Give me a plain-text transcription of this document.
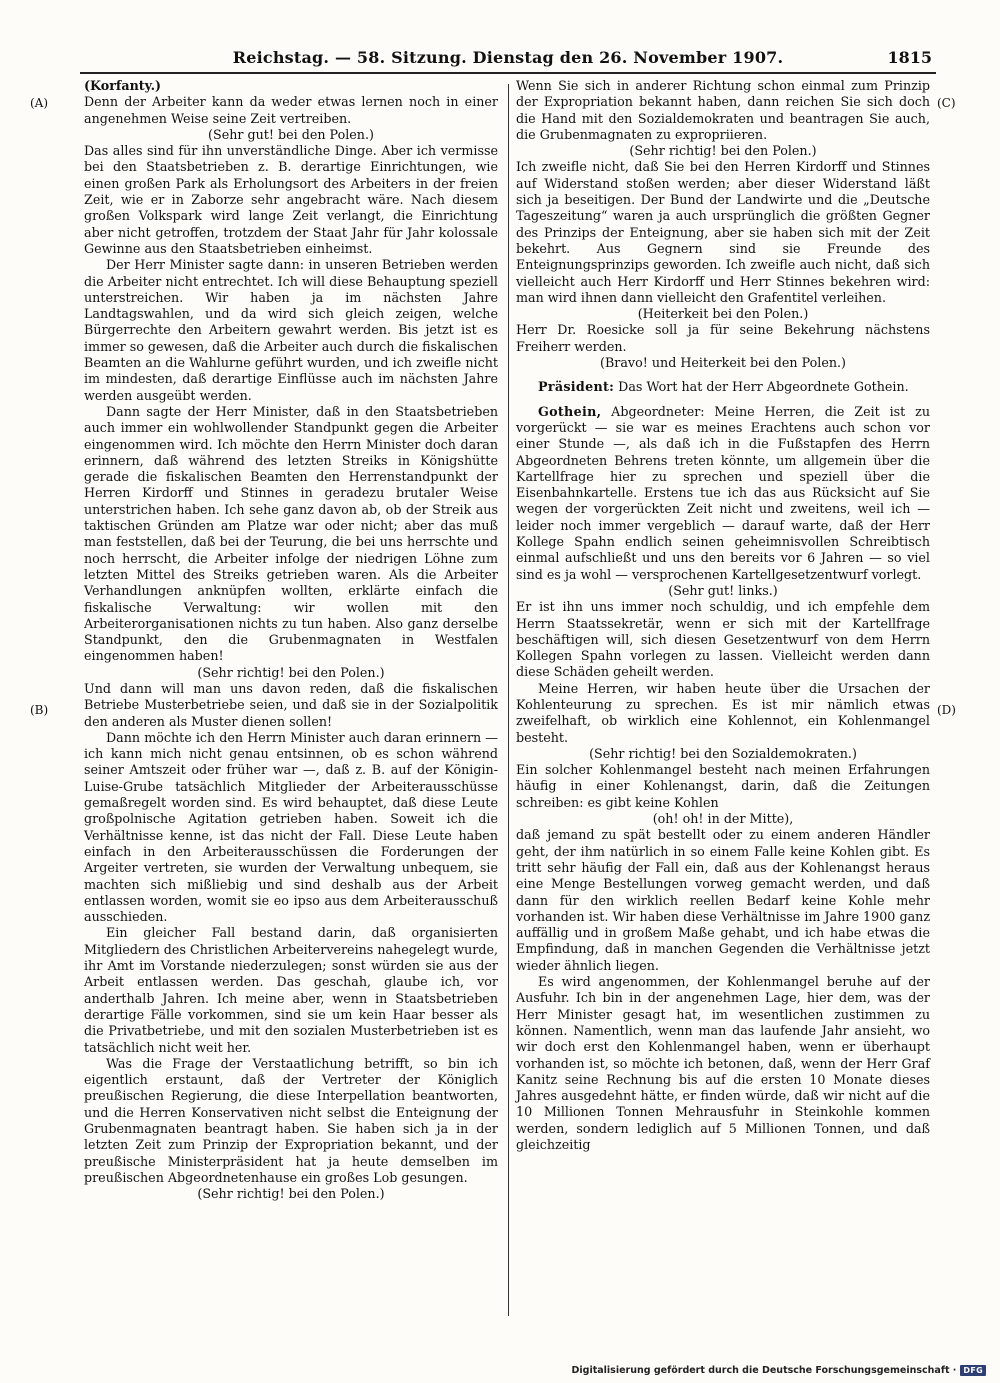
Reichstag. — 58. Sitzung. Dienstag den 26. November 1907.	1815
(A)
(B)
(C)
(D)

(Korfanty.)

Denn der Arbeiter kann da weder etwas lernen noch in einer angenehmen Weise seine Zeit vertreiben.

(Sehr gut! bei den Polen.)

Das alles sind für ihn unverständliche Dinge. Aber ich vermisse bei den Staatsbetrieben z. B. derartige Einrichtungen, wie einen großen Park als Erholungsort des Arbeiters in der freien Zeit, wie er in Zaborze sehr angebracht wäre. Nach diesem großen Volkspark wird lange Zeit verlangt, die Einrichtung aber nicht getroffen, trotzdem der Staat Jahr für Jahr kolossale Gewinne aus den Staatsbetrieben einheimst.

Der Herr Minister sagte dann: in unseren Betrieben werden die Arbeiter nicht entrechtet. Ich will diese Behauptung speziell unterstreichen. Wir haben ja im nächsten Jahre Landtagswahlen, und da wird sich gleich zeigen, welche Bürgerrechte den Arbeitern gewahrt werden. Bis jetzt ist es immer so gewesen, daß die Arbeiter auch durch die fiskalischen Beamten an die Wahlurne geführt wurden, und ich zweifle nicht im mindesten, daß derartige Einflüsse auch im nächsten Jahre werden ausgeübt werden.

Dann sagte der Herr Minister, daß in den Staatsbetrieben auch immer ein wohlwollender Standpunkt gegen die Arbeiter eingenommen wird. Ich möchte den Herrn Minister doch daran erinnern, daß während des letzten Streiks in Königshütte gerade die fiskalischen Beamten den Herrenstandpunkt der Herren Kirdorff und Stinnes in geradezu brutaler Weise unterstrichen haben. Ich sehe ganz davon ab, ob der Streik aus taktischen Gründen am Platze war oder nicht; aber das muß man feststellen, daß bei der Teurung, die bei uns herrschte und noch herrscht, die Arbeiter infolge der niedrigen Löhne zum letzten Mittel des Streiks getrieben waren. Als die Arbeiter Verhandlungen anknüpfen wollten, erklärte einfach die fiskalische Verwaltung: wir wollen mit den Arbeiterorganisationen nichts zu tun haben. Also ganz derselbe Standpunkt, den die Grubenmagnaten in Westfalen eingenommen haben!

(Sehr richtig! bei den Polen.)

Und dann will man uns davon reden, daß die fiskalischen Betriebe Musterbetriebe seien, und daß sie in der Sozialpolitik den anderen als Muster dienen sollen!

Dann möchte ich den Herrn Minister auch daran erinnern — ich kann mich nicht genau entsinnen, ob es schon während seiner Amtszeit oder früher war —, daß z. B. auf der Königin-Luise-Grube tatsächlich Mitglieder der Arbeiterausschüsse gemaßregelt worden sind. Es wird behauptet, daß diese Leute großpolnische Agitation getrieben haben. Soweit ich die Verhältnisse kenne, ist das nicht der Fall. Diese Leute haben einfach in den Arbeiterausschüssen die Forderungen der Argeiter vertreten, sie wurden der Verwaltung unbequem, sie machten sich mißliebig und sind deshalb aus der Arbeit entlassen worden, womit sie eo ipso aus dem Arbeiterausschuß ausschieden.

Ein gleicher Fall bestand darin, daß organisierten Mitgliedern des Christlichen Arbeitervereins nahegelegt wurde, ihr Amt im Vorstande niederzulegen; sonst würden sie aus der Arbeit entlassen werden. Das geschah, glaube ich, vor anderthalb Jahren. Ich meine aber, wenn in Staatsbetrieben derartige Fälle vorkommen, sind sie um kein Haar besser als die Privatbetriebe, und mit den sozialen Musterbetrieben ist es tatsächlich nicht weit her.

Was die Frage der Verstaatlichung betrifft, so bin ich eigentlich erstaunt, daß der Vertreter der Königlich preußischen Regierung, die diese Interpellation beantworten, und die Herren Konservativen nicht selbst die Enteignung der Grubenmagnaten beantragt haben. Sie haben sich ja in der letzten Zeit zum Prinzip der Expropriation bekannt, und der preußische Ministerpräsident hat ja heute demselben im preußischen Abgeordnetenhause ein großes Lob gesungen.

(Sehr richtig! bei den Polen.)

Wenn Sie sich in anderer Richtung schon einmal zum Prinzip der Expropriation bekannt haben, dann reichen Sie sich doch die Hand mit den Sozialdemokraten und beantragen Sie auch, die Grubenmagnaten zu expropriieren.

(Sehr richtig! bei den Polen.)

Ich zweifle nicht, daß Sie bei den Herren Kirdorff und Stinnes auf Widerstand stoßen werden; aber dieser Widerstand läßt sich ja beseitigen. Der Bund der Landwirte und die „Deutsche Tageszeitung“ waren ja auch ursprünglich die größten Gegner des Prinzips der Enteignung, aber sie haben sich mit der Zeit bekehrt. Aus Gegnern sind sie Freunde des Enteignungsprinzips geworden. Ich zweifle auch nicht, daß sich vielleicht auch Herr Kirdorff und Herr Stinnes bekehren wird: man wird ihnen dann vielleicht den Grafentitel verleihen.

(Heiterkeit bei den Polen.)

Herr Dr. Roesicke soll ja für seine Bekehrung nächstens Freiherr werden.

(Bravo! und Heiterkeit bei den Polen.)

Präsident: Das Wort hat der Herr Abgeordnete Gothein.

Gothein, Abgeordneter: Meine Herren, die Zeit ist zu vorgerückt — sie war es meines Erachtens auch schon vor einer Stunde —, als daß ich in die Fußstapfen des Herrn Abgeordneten Behrens treten könnte, um allgemein über die Kartellfrage hier zu sprechen und speziell über die Eisenbahnkartelle. Erstens tue ich das aus Rücksicht auf Sie wegen der vorgerückten Zeit nicht und zweitens, weil ich — leider noch immer vergeblich — darauf warte, daß der Herr Kollege Spahn endlich seinen geheimnisvollen Schreibtisch einmal aufschließt und uns den bereits vor 6 Jahren — so viel sind es ja wohl — versprochenen Kartellgesetzentwurf vorlegt.

(Sehr gut! links.)

Er ist ihn uns immer noch schuldig, und ich empfehle dem Herrn Staatssekretär, wenn er sich mit der Kartellfrage beschäftigen will, sich diesen Gesetzentwurf von dem Herrn Kollegen Spahn vorlegen zu lassen. Vielleicht werden dann diese Schäden geheilt werden.

Meine Herren, wir haben heute über die Ursachen der Kohlenteurung zu sprechen. Es ist mir nämlich etwas zweifelhaft, ob wirklich eine Kohlennot, ein Kohlenmangel besteht.

(Sehr richtig! bei den Sozialdemokraten.)

Ein solcher Kohlenmangel besteht nach meinen Erfahrungen häufig in einer Kohlenangst, darin, daß die Zeitungen schreiben: es gibt keine Kohlen

(oh! oh! in der Mitte),

daß jemand zu spät bestellt oder zu einem anderen Händler geht, der ihm natürlich in so einem Falle keine Kohlen gibt. Es tritt sehr häufig der Fall ein, daß aus der Kohlenangst heraus eine Menge Bestellungen vorweg gemacht werden, und daß dann für den wirklich reellen Bedarf keine Kohle mehr vorhanden ist. Wir haben diese Verhältnisse im Jahre 1900 ganz auffällig und in großem Maße gehabt, und ich habe etwas die Empfindung, daß in manchen Gegenden die Verhältnisse jetzt wieder ähnlich liegen.

Es wird angenommen, der Kohlenmangel beruhe auf der Ausfuhr. Ich bin in der angenehmen Lage, hier dem, was der Herr Minister gesagt hat, im wesentlichen zustimmen zu können. Namentlich, wenn man das laufende Jahr ansieht, wo wir doch erst den Kohlenmangel haben, wenn er überhaupt vorhanden ist, so möchte ich betonen, daß, wenn der Herr Graf Kanitz seine Rechnung bis auf die ersten 10 Monate dieses Jahres ausgedehnt hätte, er finden würde, daß wir nicht auf die 10 Millionen Tonnen Mehrausfuhr in Steinkohle kommen werden, sondern lediglich auf 5 Millionen Tonnen, und daß gleichzeitig

Digitalisierung gefördert durch die Deutsche Forschungsgemeinschaft · DFG
